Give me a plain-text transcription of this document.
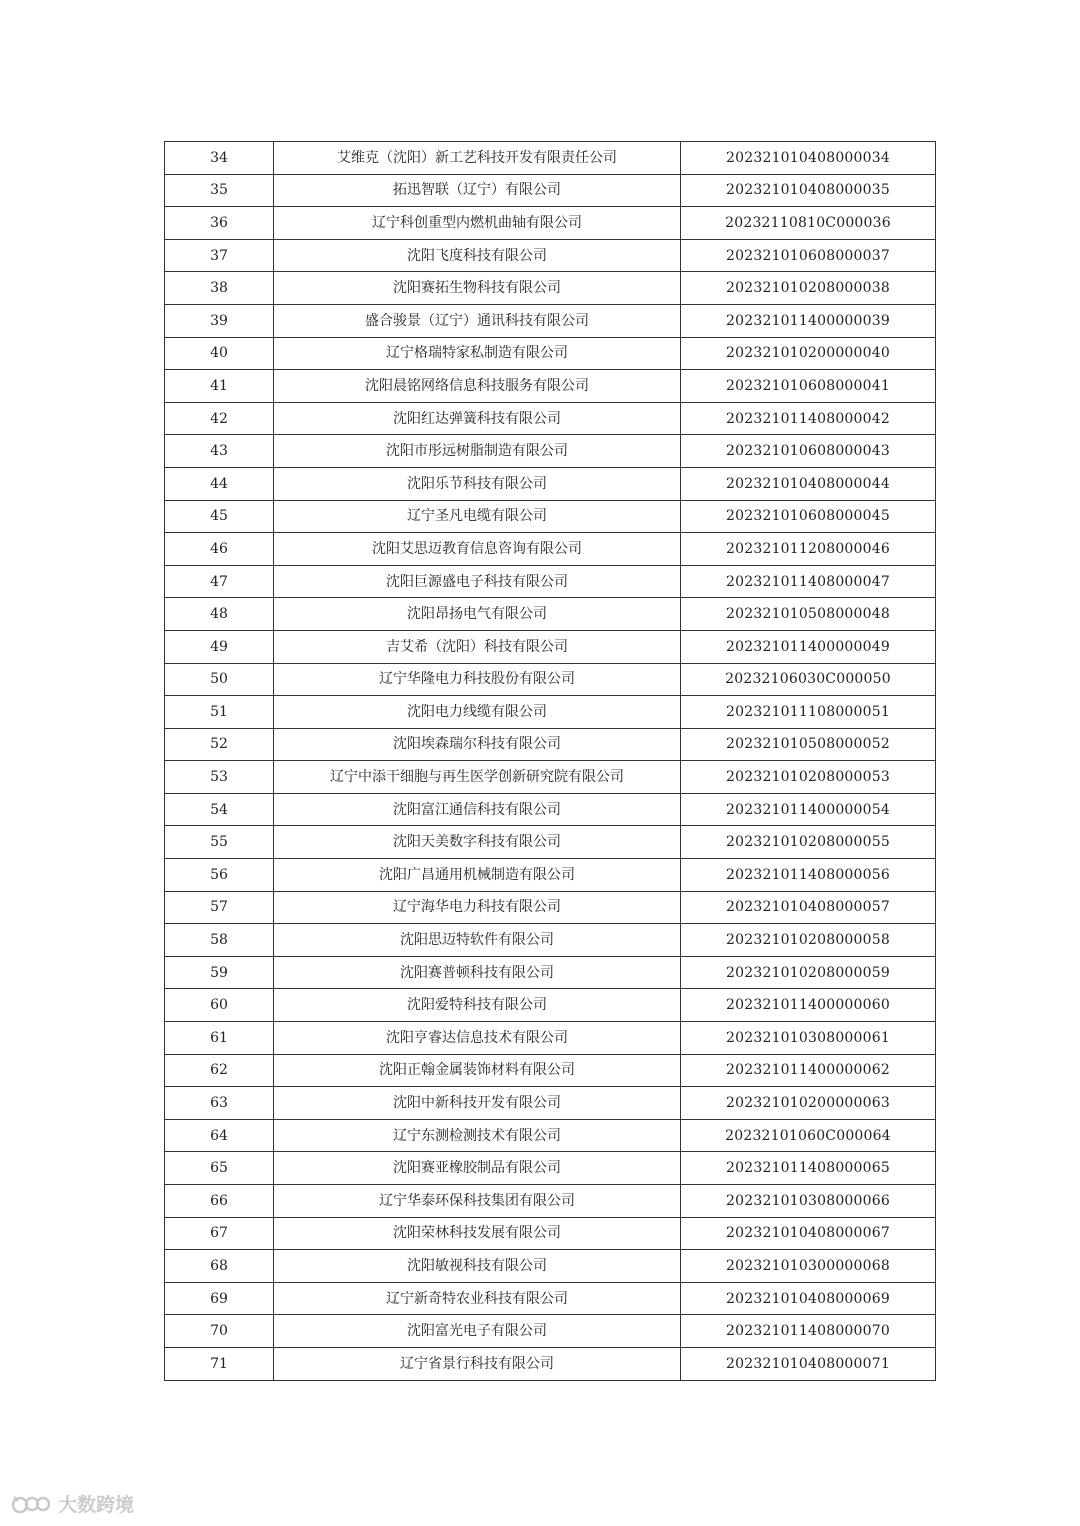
34	艾维克（沈阳）新工艺科技开发有限责任公司	202321010408000034
35	拓迅智联（辽宁）有限公司	202321010408000035
36	辽宁科创重型内燃机曲轴有限公司	20232110810C000036
37	沈阳飞度科技有限公司	202321010608000037
38	沈阳赛拓生物科技有限公司	202321010208000038
39	盛合骏景（辽宁）通讯科技有限公司	202321011400000039
40	辽宁格瑞特家私制造有限公司	202321010200000040
41	沈阳晨铭网络信息科技服务有限公司	202321010608000041
42	沈阳红达弹簧科技有限公司	202321011408000042
43	沈阳市彤远树脂制造有限公司	202321010608000043
44	沈阳乐节科技有限公司	202321010408000044
45	辽宁圣凡电缆有限公司	202321010608000045
46	沈阳艾思迈教育信息咨询有限公司	202321011208000046
47	沈阳巨源盛电子科技有限公司	202321011408000047
48	沈阳昂扬电气有限公司	202321010508000048
49	吉艾希（沈阳）科技有限公司	202321011400000049
50	辽宁华隆电力科技股份有限公司	20232106030C000050
51	沈阳电力线缆有限公司	202321011108000051
52	沈阳埃森瑞尔科技有限公司	202321010508000052
53	辽宁中添干细胞与再生医学创新研究院有限公司	202321010208000053
54	沈阳富江通信科技有限公司	202321011400000054
55	沈阳天美数字科技有限公司	202321010208000055
56	沈阳广昌通用机械制造有限公司	202321011408000056
57	辽宁海华电力科技有限公司	202321010408000057
58	沈阳思迈特软件有限公司	202321010208000058
59	沈阳赛普顿科技有限公司	202321010208000059
60	沈阳爱特科技有限公司	202321011400000060
61	沈阳亨睿达信息技术有限公司	202321010308000061
62	沈阳正翰金属装饰材料有限公司	202321011400000062
63	沈阳中新科技开发有限公司	202321010200000063
64	辽宁东测检测技术有限公司	20232101060C000064
65	沈阳赛亚橡胶制品有限公司	202321011408000065
66	辽宁华泰环保科技集团有限公司	202321010308000066
67	沈阳荣林科技发展有限公司	202321010408000067
68	沈阳敏视科技有限公司	202321010300000068
69	辽宁新奇特农业科技有限公司	202321010408000069
70	沈阳富光电子有限公司	202321011408000070
71	辽宁省景行科技有限公司	202321010408000071
大数跨境
